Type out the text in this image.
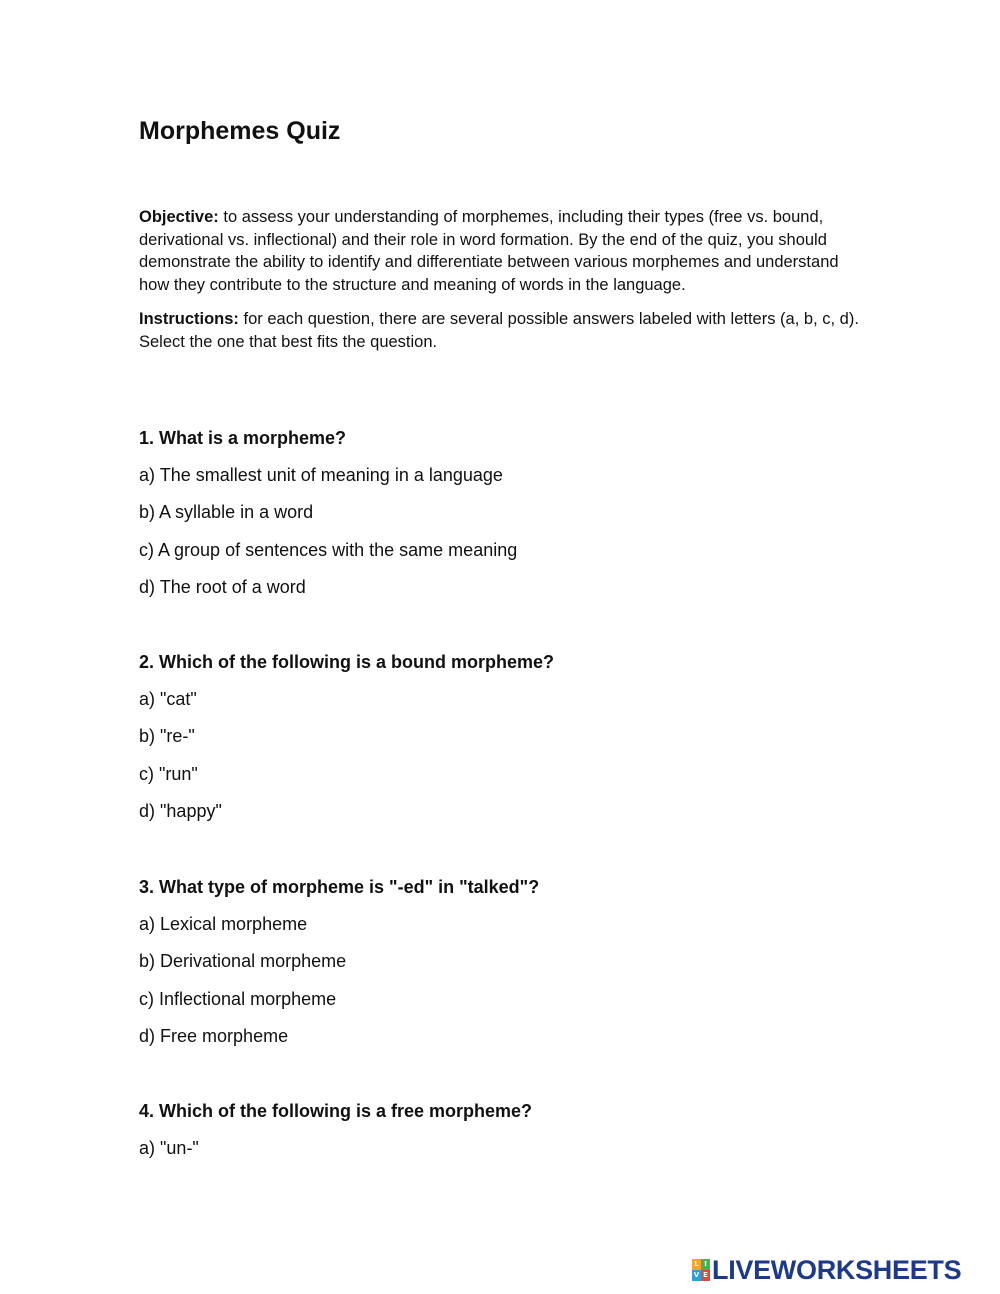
Morphemes Quiz

Objective: to assess your understanding of morphemes, including their types (free vs. bound, derivational vs. inflectional) and their role in word formation. By the end of the quiz, you should demonstrate the ability to identify and differentiate between various morphemes and understand how they contribute to the structure and meaning of words in the language.

Instructions: for each question, there are several possible answers labeled with letters (a, b, c, d). Select the one that best fits the question.

1. What is a morpheme?
a) The smallest unit of meaning in a language
b) A syllable in a word
c) A group of sentences with the same meaning
d) The root of a word
2. Which of the following is a bound morpheme?
a) "cat"
b) "re-"
c) "run"
d) "happy"
3. What type of morpheme is "-ed" in "talked"?
a) Lexical morpheme
b) Derivational morpheme
c) Inflectional morpheme
d) Free morpheme
4. Which of the following is a free morpheme?
a) "un-"
L I
V E LIVEWORKSHEETS
